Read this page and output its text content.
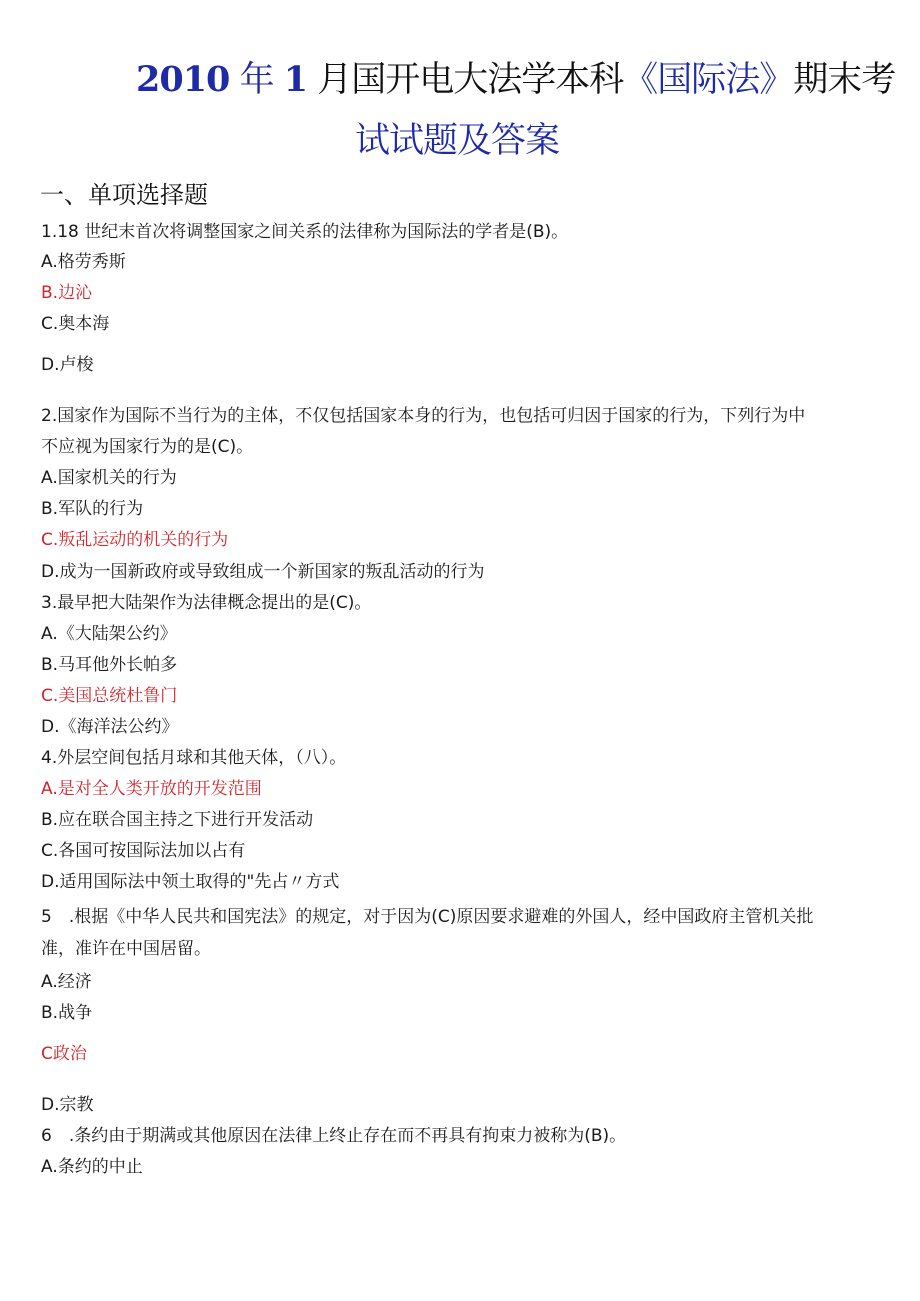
2010 年 1 月国开电大法学本科《国际法》期末考
试试题及答案
一、单项选择题
1.18 世纪末首次将调整国家之间关系的法律称为国际法的学者是(B)。
A.格劳秀斯
B.边沁
C.奥本海
D.卢梭
2.国家作为国际不当行为的主体，不仅包括国家本身的行为，也包括可归因于国家的行为，下列行为中
不应视为国家行为的是(C)。
A.国家机关的行为
B.军队的行为
C.叛乱运动的机关的行为
D.成为一国新政府或导致组成一个新国家的叛乱活动的行为
3.最早把大陆架作为法律概念提出的是(C)。
A.《大陆架公约》
B.马耳他外长帕多
C.美国总统杜鲁门
D.《海洋法公约》
4.外层空间包括月球和其他天体，（八）。
A.是对全人类开放的开发范围
B.应在联合国主持之下进行开发活动
C.各国可按国际法加以占有
D.适用国际法中领土取得的"先占〃方式
5　.根据《中华人民共和国宪法》的规定，对于因为(C)原因要求避难的外国人，经中国政府主管机关批
准，准许在中国居留。
A.经济
B.战争
C政治
D.宗教
6　.条约由于期满或其他原因在法律上终止存在而不再具有拘束力被称为(B)。
A.条约的中止
